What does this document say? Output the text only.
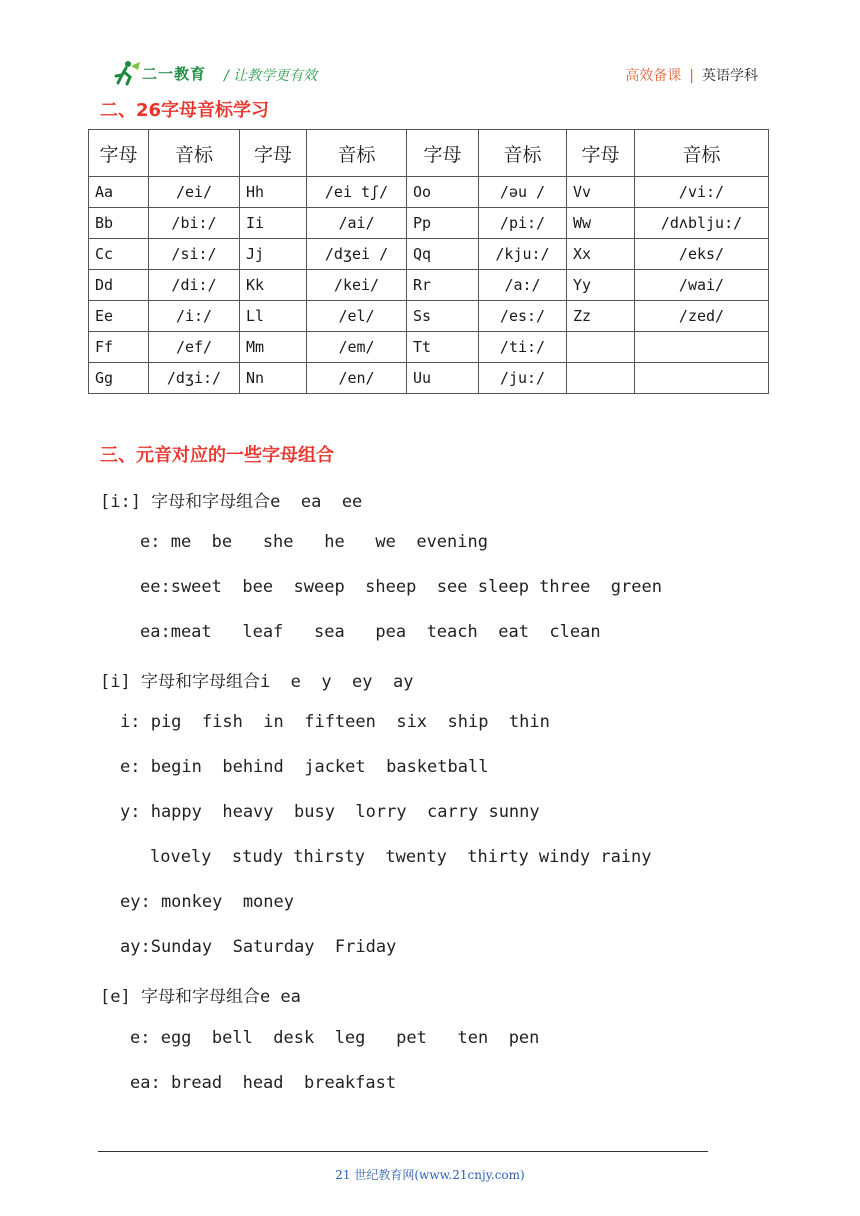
二一教育 / 让教学更有效	高效备课 | 英语学科
二、26字母音标学习
字母	音标	字母	音标	字母	音标	字母	音标
Aa	/ei/	Hh	/ei tʃ/	Oo	/əu /	Vv	/vi:/
Bb	/bi:/	Ii	/ai/	Pp	/pi:/	Ww	/dʌblju:/
Cc	/si:/	Jj	/dʒei /	Qq	/kju:/	Xx	/eks/
Dd	/di:/	Kk	/kei/	Rr	/a:/	Yy	/wai/
Ee	/i:/	Ll	/el/	Ss	/es:/	Zz	/zed/
Ff	/ef/	Mm	/em/	Tt	/ti:/		
Gg	/dʒi:/	Nn	/en/	Uu	/ju:/		
三、元音对应的一些字母组合
[i:] 字母和字母组合e  ea  ee
e: me  be   she   he   we  evening
ee:sweet  bee  sweep  sheep  see sleep three  green
ea:meat   leaf   sea   pea  teach  eat  clean
[i] 字母和字母组合i  e  y  ey  ay
i: pig  fish  in  fifteen  six  ship  thin
e: begin  behind  jacket  basketball
y: happy  heavy  busy  lorry  carry sunny
lovely  study thirsty  twenty  thirty windy rainy
ey: monkey  money
ay:Sunday  Saturday  Friday
[e] 字母和字母组合e ea
e: egg  bell  desk  leg   pet   ten  pen
ea: bread  head  breakfast
21 世纪教育网(www.21cnjy.com)
